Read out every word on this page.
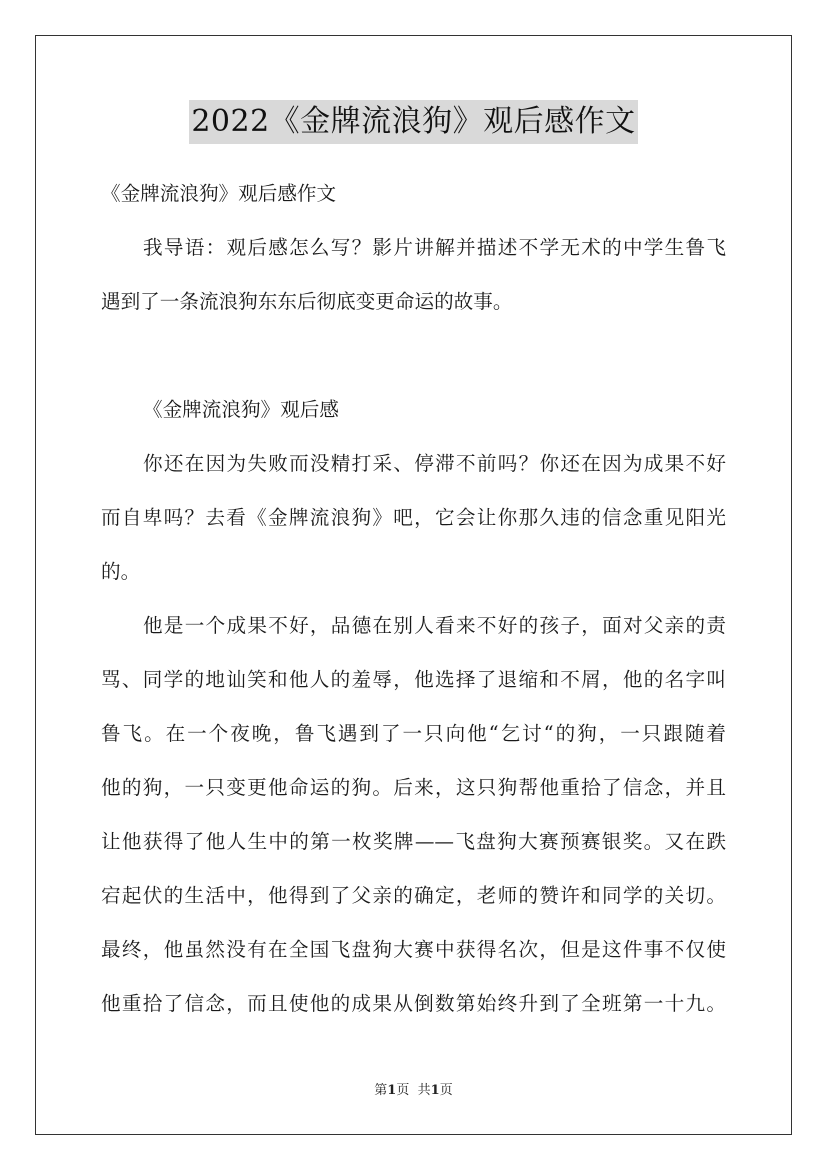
2022《金牌流浪狗》观后感作文
《金牌流浪狗》观后感作文
我导语：观后感怎么写？影片讲解并描述不学无术的中学生鲁飞
遇到了一条流浪狗东东后彻底变更命运的故事。
《金牌流浪狗》观后感
你还在因为失败而没精打采、停滞不前吗？你还在因为成果不好
而自卑吗？去看《金牌流浪狗》吧，它会让你那久违的信念重见阳光
的。
他是一个成果不好，品德在别人看来不好的孩子，面对父亲的责
骂、同学的地讪笑和他人的羞辱，他选择了退缩和不屑，他的名字叫
鲁飞。在一个夜晚，鲁飞遇到了一只向他“乞讨“的狗，一只跟随着
他的狗，一只变更他命运的狗。后来，这只狗帮他重拾了信念，并且
让他获得了他人生中的第一枚奖牌——飞盘狗大赛预赛银奖。又在跌
宕起伏的生活中，他得到了父亲的确定，老师的赞许和同学的关切。
最终，他虽然没有在全国飞盘狗大赛中获得名次，但是这件事不仅使
他重拾了信念，而且使他的成果从倒数第始终升到了全班第一十九。
第1页 共1页
